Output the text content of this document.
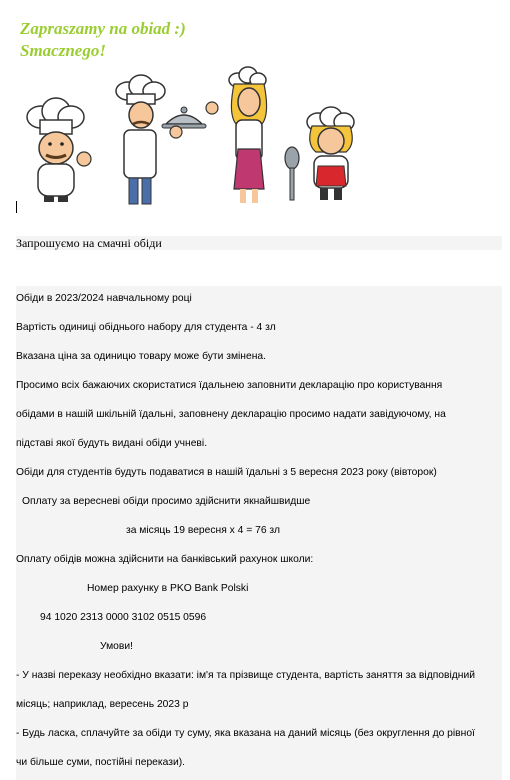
Zapraszamy na obiad :)
Smacznego!
Запрошуємо на смачні обіди
Обіди в 2023/2024 навчальному році
Вартість одиниці обіднього набору для студента - 4 зл
Вказана ціна за одиницю товару може бути змінена.
Просимо всіх бажаючих скористатися їдальнею заповнити декларацію про користування
обідами в нашій шкільній їдальні, заповнену декларацію просимо надати завідуючому, на
підставі якої будуть видані обіди учневі.
Обіди для студентів будуть подаватися в нашій їдальні з 5 вересня 2023 року (вівторок)
Оплату за вересневі обіди просимо здійснити якнайшвидше
за місяць 19 вересня х 4 = 76 зл
Оплату обідів можна здійснити на банківський рахунок школи:
Номер рахунку в PKO Bank Polski
94 1020 2313 0000 3102 0515 0596
Умови!
- У назві переказу необхідно вказати: ім'я та прізвище студента, вартість заняття за відповідний
місяць; наприклад, вересень 2023 р
- Будь ласка, сплачуйте за обіди ту суму, яка вказана на даний місяць (без округлення до рівної
чи більше суми, постійні перекази).
